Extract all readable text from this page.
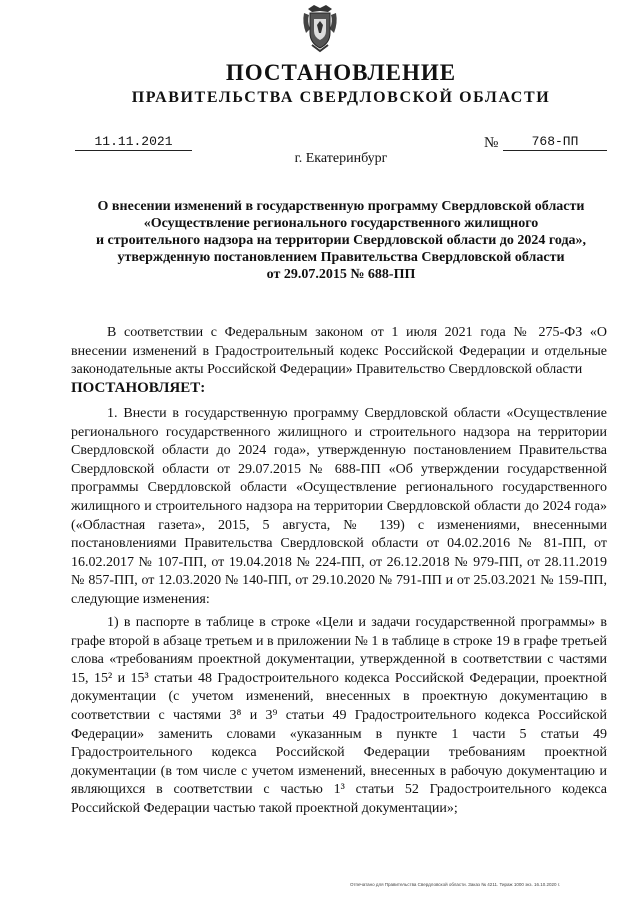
ПОСТАНОВЛЕНИЕ
ПРАВИТЕЛЬСТВА СВЕРДЛОВСКОЙ ОБЛАСТИ
11.11.2021	№	768-ПП
г. Екатеринбург
О внесении изменений в государственную программу Свердловской области
«Осуществление регионального государственного жилищного
и строительного надзора на территории Свердловской области до 2024 года»,
утвержденную постановлением Правительства Свердловской области
от 29.07.2015 № 688-ПП

В соответствии с Федеральным законом от 1 июля 2021 года № 275-ФЗ «О внесении изменений в Градостроительный кодекс Российской Федерации и отдельные законодательные акты Российской Федерации» Правительство Свердловской области

ПОСТАНОВЛЯЕТ:

1. Внести в государственную программу Свердловской области «Осуществление регионального государственного жилищного и строительного надзора на территории Свердловской области до 2024 года», утвержденную постановлением Правительства Свердловской области от 29.07.2015 № 688-ПП «Об утверждении государственной программы Свердловской области «Осуществление регионального государственного жилищного и строительного надзора на территории Свердловской области до 2024 года» («Областная газета», 2015, 5 августа, № 139) с изменениями, внесенными постановлениями Правительства Свердловской области от 04.02.2016 № 81-ПП, от 16.02.2017 № 107-ПП, от 19.04.2018 № 224-ПП, от 26.12.2018 № 979-ПП, от 28.11.2019 № 857-ПП, от 12.03.2020 № 140-ПП, от 29.10.2020 № 791-ПП и от 25.03.2021 № 159-ПП, следующие изменения:

1) в паспорте в таблице в строке «Цели и задачи государственной программы» в графе второй в абзаце третьем и в приложении № 1 в таблице в строке 19 в графе третьей слова «требованиям проектной документации, утвержденной в соответствии с частями 15, 15² и 15³ статьи 48 Градостроительного кодекса Российской Федерации, проектной документации (с учетом изменений, внесенных в проектную документацию в соответствии с частями 3⁸ и 3⁹ статьи 49 Градостроительного кодекса Российской Федерации» заменить словами «указанным в пункте 1 части 5 статьи 49 Градостроительного кодекса Российской Федерации требованиям проектной документации (в том числе с учетом изменений, внесенных в рабочую документацию и являющихся в соответствии с частью 1³ статьи 52 Градостроительного кодекса Российской Федерации частью такой проектной документации»;

Отпечатано для Правительства Свердловской области. Заказ № 4211. Тираж 1000 экз. 16.10.2020 г.
